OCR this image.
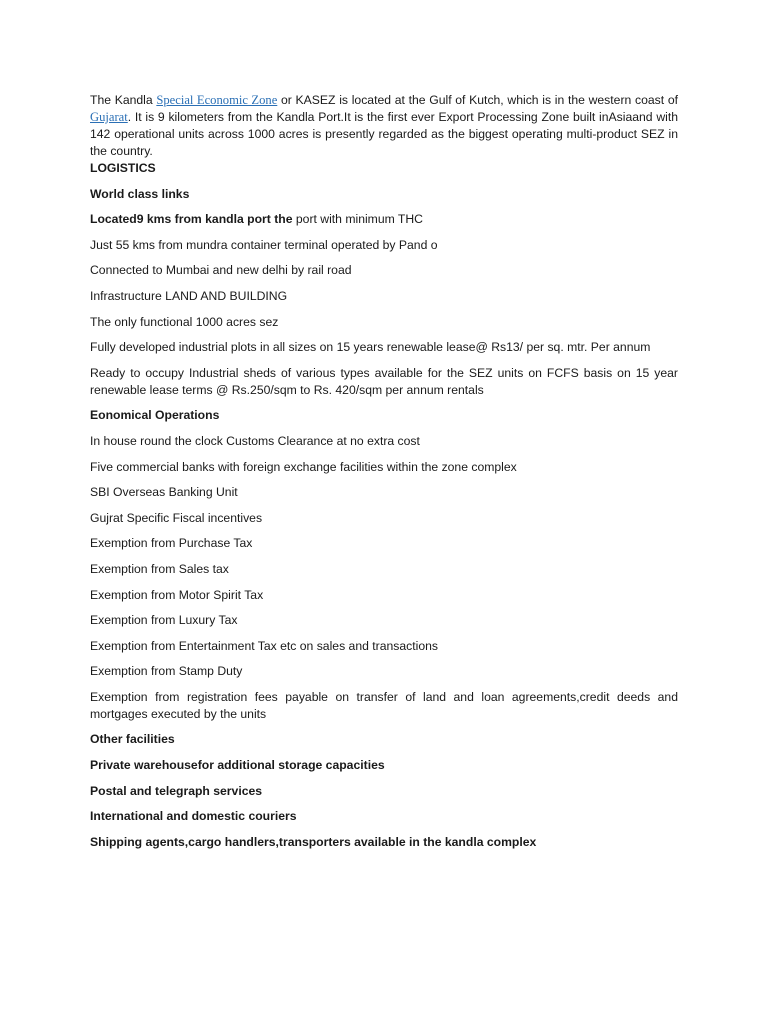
The Kandla Special Economic Zone or KASEZ is located at the Gulf of Kutch, which is in the western coast of Gujarat. It is 9 kilometers from the Kandla Port.It is the first ever Export Processing Zone built inAsiaand with 142 operational units across 1000 acres is presently regarded as the biggest operating multi-product SEZ in the country.

LOGISTICS

World class links

Located9 kms from kandla port the port with minimum THC

Just 55 kms from mundra container terminal operated by Pand o

Connected to Mumbai and new delhi by rail road

Infrastructure LAND AND BUILDING

The only functional 1000 acres sez

Fully developed industrial plots in all sizes on 15 years renewable lease@ Rs13/ per sq. mtr. Per annum

Ready to occupy Industrial sheds of various types available for the SEZ units on FCFS basis on 15 year renewable lease terms @ Rs.250/sqm to Rs. 420/sqm per annum rentals

Eonomical Operations

In house round the clock Customs Clearance at no extra cost

Five commercial banks with foreign exchange facilities within the zone complex

SBI Overseas Banking Unit

Gujrat Specific Fiscal incentives

Exemption from Purchase Tax

Exemption from Sales tax

Exemption from Motor Spirit Tax

Exemption from Luxury Tax

Exemption from Entertainment Tax etc on sales and transactions

Exemption from Stamp Duty

Exemption from registration fees payable on transfer of land and loan agreements,credit deeds and mortgages executed by the units

Other facilities

Private warehousefor additional storage capacities

Postal and telegraph services

International and domestic couriers

Shipping agents,cargo handlers,transporters available in the kandla complex
